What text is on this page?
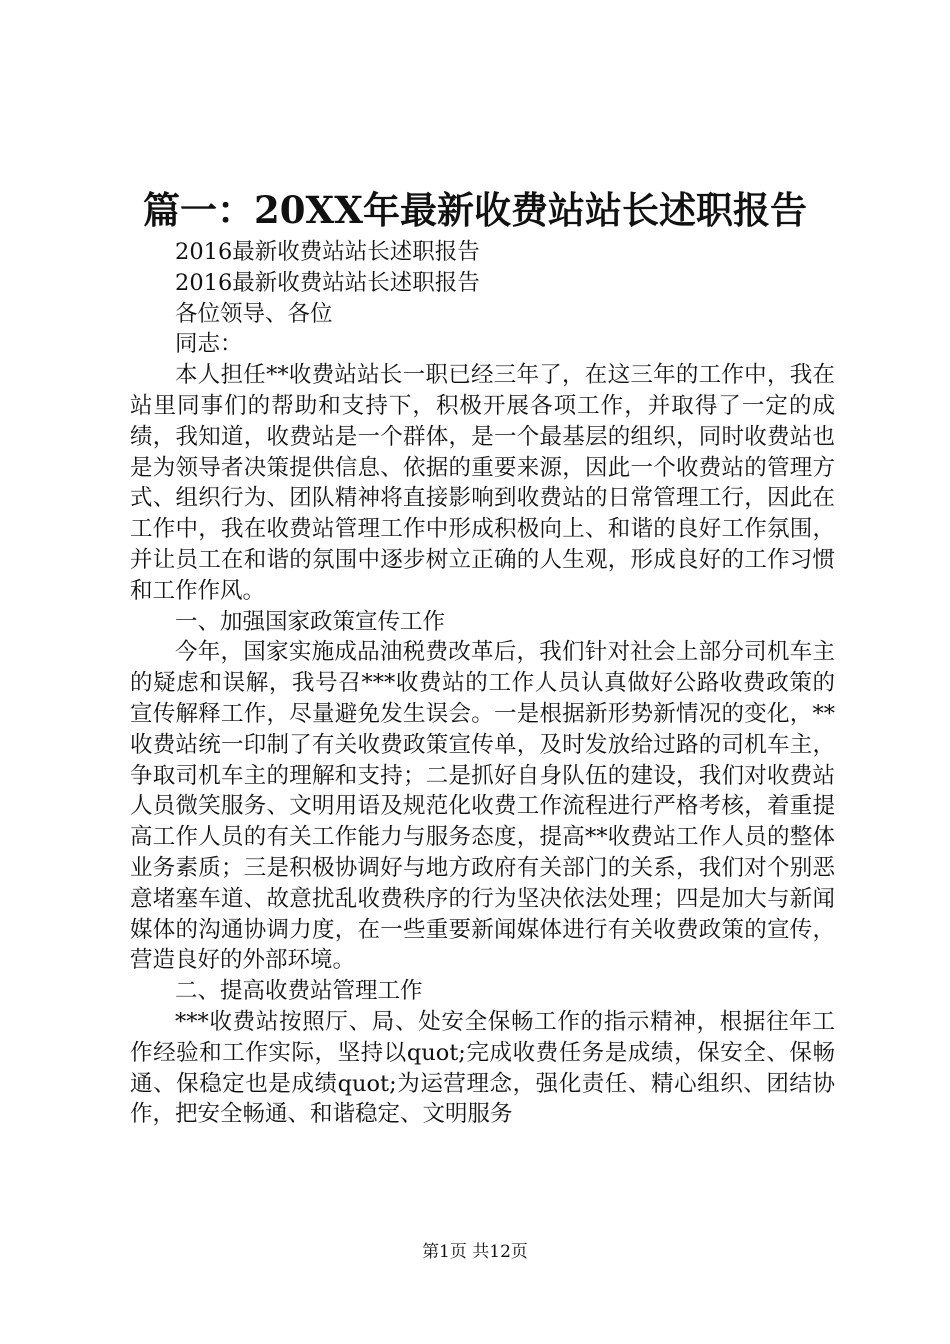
篇一：20XX年最新收费站站长述职报告

2016最新收费站站长述职报告

2016最新收费站站长述职报告

各位领导、各位

同志：

本人担任**收费站站长一职已经三年了，在这三年的工作中，我在站里同事们的帮助和支持下，积极开展各项工作，并取得了一定的成绩，我知道，收费站是一个群体，是一个最基层的组织，同时收费站也是为领导者决策提供信息、依据的重要来源，因此一个收费站的管理方式、组织行为、团队精神将直接影响到收费站的日常管理工行，因此在工作中，我在收费站管理工作中形成积极向上、和谐的良好工作氛围，并让员工在和谐的氛围中逐步树立正确的人生观，形成良好的工作习惯和工作作风。

一、加强国家政策宣传工作

今年，国家实施成品油税费改革后，我们针对社会上部分司机车主的疑虑和误解，我号召***收费站的工作人员认真做好公路收费政策的宣传解释工作，尽量避免发生误会。一是根据新形势新情况的变化，**收费站统一印制了有关收费政策宣传单，及时发放给过路的司机车主，争取司机车主的理解和支持；二是抓好自身队伍的建设，我们对收费站人员微笑服务、文明用语及规范化收费工作流程进行严格考核，着重提高工作人员的有关工作能力与服务态度，提高**收费站工作人员的整体业务素质；三是积极协调好与地方政府有关部门的关系，我们对个别恶意堵塞车道、故意扰乱收费秩序的行为坚决依法处理；四是加大与新闻媒体的沟通协调力度，在一些重要新闻媒体进行有关收费政策的宣传，营造良好的外部环境。

二、提高收费站管理工作

***收费站按照厅、局、处安全保畅工作的指示精神，根据往年工作经验和工作实际，坚持以quot;完成收费任务是成绩，保安全、保畅通、保稳定也是成绩quot;为运营理念，强化责任、精心组织、团结协作，把安全畅通、和谐稳定、文明服务

第1页 共12页
